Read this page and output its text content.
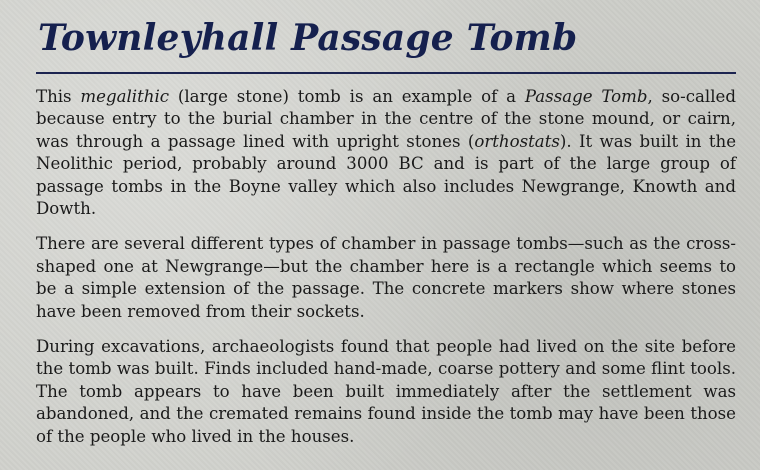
Townleyhall Passage Tomb

This megalithic (large stone) tomb is an example of a Passage Tomb, so-called because entry to the burial chamber in the centre of the stone mound, or cairn, was through a passage lined with upright stones (orthostats). It was built in the Neolithic period, probably around 3000 BC and is part of the large group of passage tombs in the Boyne valley which also includes Newgrange, Knowth and Dowth.

There are several different types of chamber in passage tombs—such as the cross-shaped one at Newgrange—but the chamber here is a rectangle which seems to be a simple extension of the passage. The concrete markers show where stones have been removed from their sockets.

During excavations, archaeologists found that people had lived on the site before the tomb was built. Finds included hand-made, coarse pottery and some flint tools. The tomb appears to have been built immediately after the settlement was abandoned, and the cremated remains found inside the tomb may have been those of the people who lived in the houses.
